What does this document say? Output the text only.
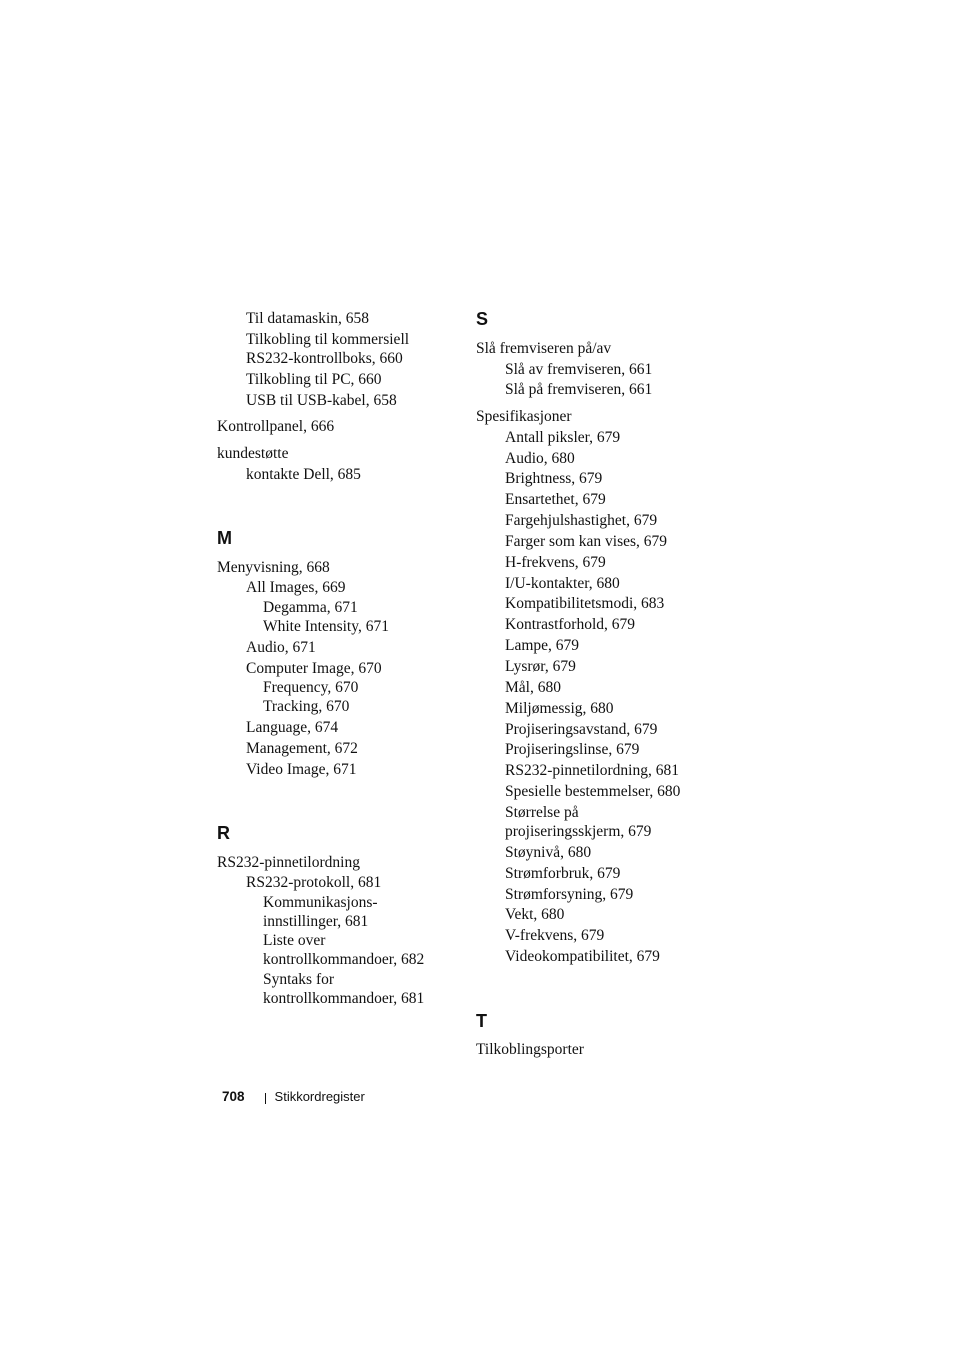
Til datamaskin, 658
Tilkobling til kommersiell
RS232-kontrollboks, 660
Tilkobling til PC, 660
USB til USB-kabel, 658
Kontrollpanel, 666
kundestøtte
kontakte Dell, 685
M
Menyvisning, 668
All Images, 669
Degamma, 671
White Intensity, 671
Audio, 671
Computer Image, 670
Frequency, 670
Tracking, 670
Language, 674
Management, 672
Video Image, 671
R
RS232-pinnetilordning
RS232-protokoll, 681
Kommunikasjons-
innstillinger, 681
Liste over
kontrollkommandoer, 682
Syntaks for
kontrollkommandoer, 681
S
Slå fremviseren på/av
Slå av fremviseren, 661
Slå på fremviseren, 661
Spesifikasjoner
Antall piksler, 679
Audio, 680
Brightness, 679
Ensartethet, 679
Fargehjulshastighet, 679
Farger som kan vises, 679
H-frekvens, 679
I/U-kontakter, 680
Kompatibilitetsmodi, 683
Kontrastforhold, 679
Lampe, 679
Lysrør, 679
Mål, 680
Miljømessig, 680
Projiseringsavstand, 679
Projiseringslinse, 679
RS232-pinnetilordning, 681
Spesielle bestemmelser, 680
Størrelse på
projiseringsskjerm, 679
Støynivå, 680
Strømforbruk, 679
Strømforsyning, 679
Vekt, 680
V-frekvens, 679
Videokompatibilitet, 679
T
Tilkoblingsporter
708 Stikkordregister
